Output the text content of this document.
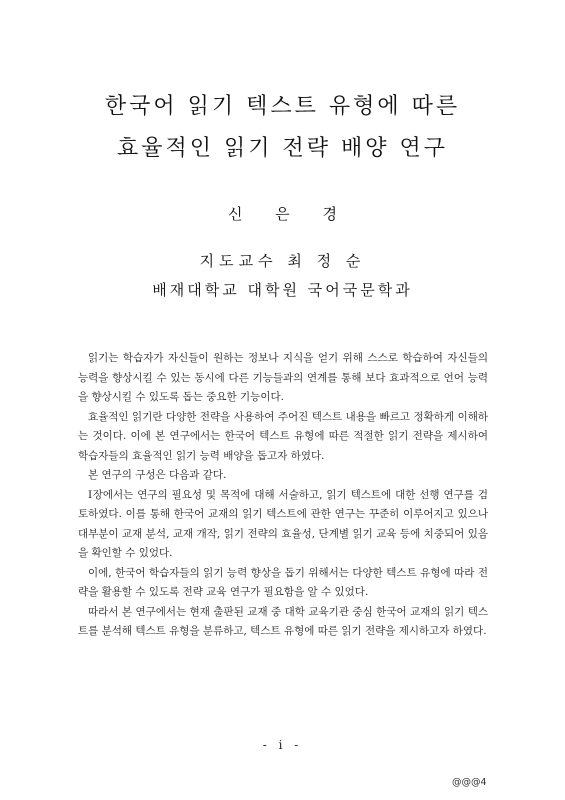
한국어 읽기 텍스트 유형에 따른
효율적인 읽기 전략 배양 연구
신 은 경
지도교수 최 정 순
배재대학교 대학원 국어국문학과

읽기는 학습자가 자신들이 원하는 정보나 지식을 얻기 위해 스스로 학습하여 자신들의 능력을 향상시킬 수 있는 동시에 다른 기능들과의 연계를 통해 보다 효과적으로 언어 능력을 향상시킬 수 있도록 돕는 중요한 기능이다.

효율적인 읽기란 다양한 전략을 사용하여 주어진 텍스트 내용을 빠르고 정확하게 이해하는 것이다. 이에 본 연구에서는 한국어 텍스트 유형에 따른 적절한 읽기 전략을 제시하여 학습자들의 효율적인 읽기 능력 배양을 돕고자 하였다.

본 연구의 구성은 다음과 같다.

Ⅰ장에서는 연구의 필요성 및 목적에 대해 서술하고, 읽기 텍스트에 대한 선행 연구를 검토하였다. 이를 통해 한국어 교재의 읽기 텍스트에 관한 연구는 꾸준히 이루어지고 있으나 대부분이 교재 분석, 교재 개작, 읽기 전략의 효율성, 단계별 읽기 교육 등에 치중되어 있음을 확인할 수 있었다.

이에, 한국어 학습자들의 읽기 능력 향상을 돕기 위해서는 다양한 텍스트 유형에 따라 전략을 활용할 수 있도록 전략 교육 연구가 필요함을 알 수 있었다.

따라서 본 연구에서는 현재 출판된 교재 중 대학 교육기관 중심 한국어 교재의 읽기 텍스트를 분석해 텍스트 유형을 분류하고, 텍스트 유형에 따른 읽기 전략을 제시하고자 하였다.

- i -
@@@4
